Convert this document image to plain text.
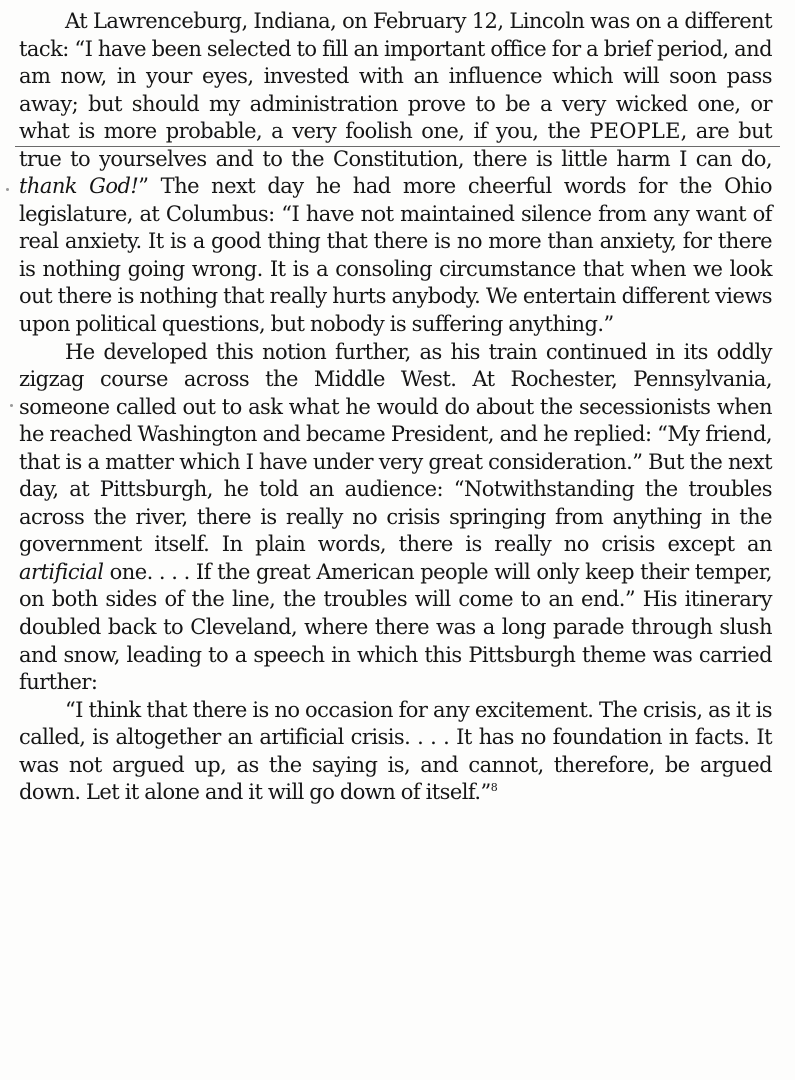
At Lawrenceburg, Indiana, on February 12, Lincoln was on a different tack: “I have been selected to fill an important office for a brief period, and am now, in your eyes, invested with an influence which will soon pass away; but should my administration prove to be a very wicked one, or what is more probable, a very foolish one, if you, the PEOPLE, are but true to yourselves and to the Constitution, there is little harm I can do, thank God!” The next day he had more cheerful words for the Ohio legislature, at Columbus: “I have not maintained silence from any want of real anxiety. It is a good thing that there is no more than anxiety, for there is nothing going wrong. It is a consoling circumstance that when we look out there is nothing that really hurts anybody. We entertain different views upon political questions, but nobody is suffering anything.”

He developed this notion further, as his train continued in its oddly zigzag course across the Middle West. At Rochester, Pennsylvania, someone called out to ask what he would do about the secessionists when he reached Washington and became President, and he replied: “My friend, that is a matter which I have under very great consideration.” But the next day, at Pittsburgh, he told an audience: “Notwithstanding the troubles across the river, there is really no crisis springing from anything in the government itself. In plain words, there is really no crisis except an artificial one. . . . If the great American people will only keep their temper, on both sides of the line, the troubles will come to an end.” His itinerary doubled back to Cleveland, where there was a long parade through slush and snow, leading to a speech in which this Pittsburgh theme was carried further:

“I think that there is no occasion for any excitement. The crisis, as it is called, is altogether an artificial crisis. . . . It has no foundation in facts. It was not argued up, as the saying is, and cannot, therefore, be argued down. Let it alone and it will go down of itself.”$^8$
